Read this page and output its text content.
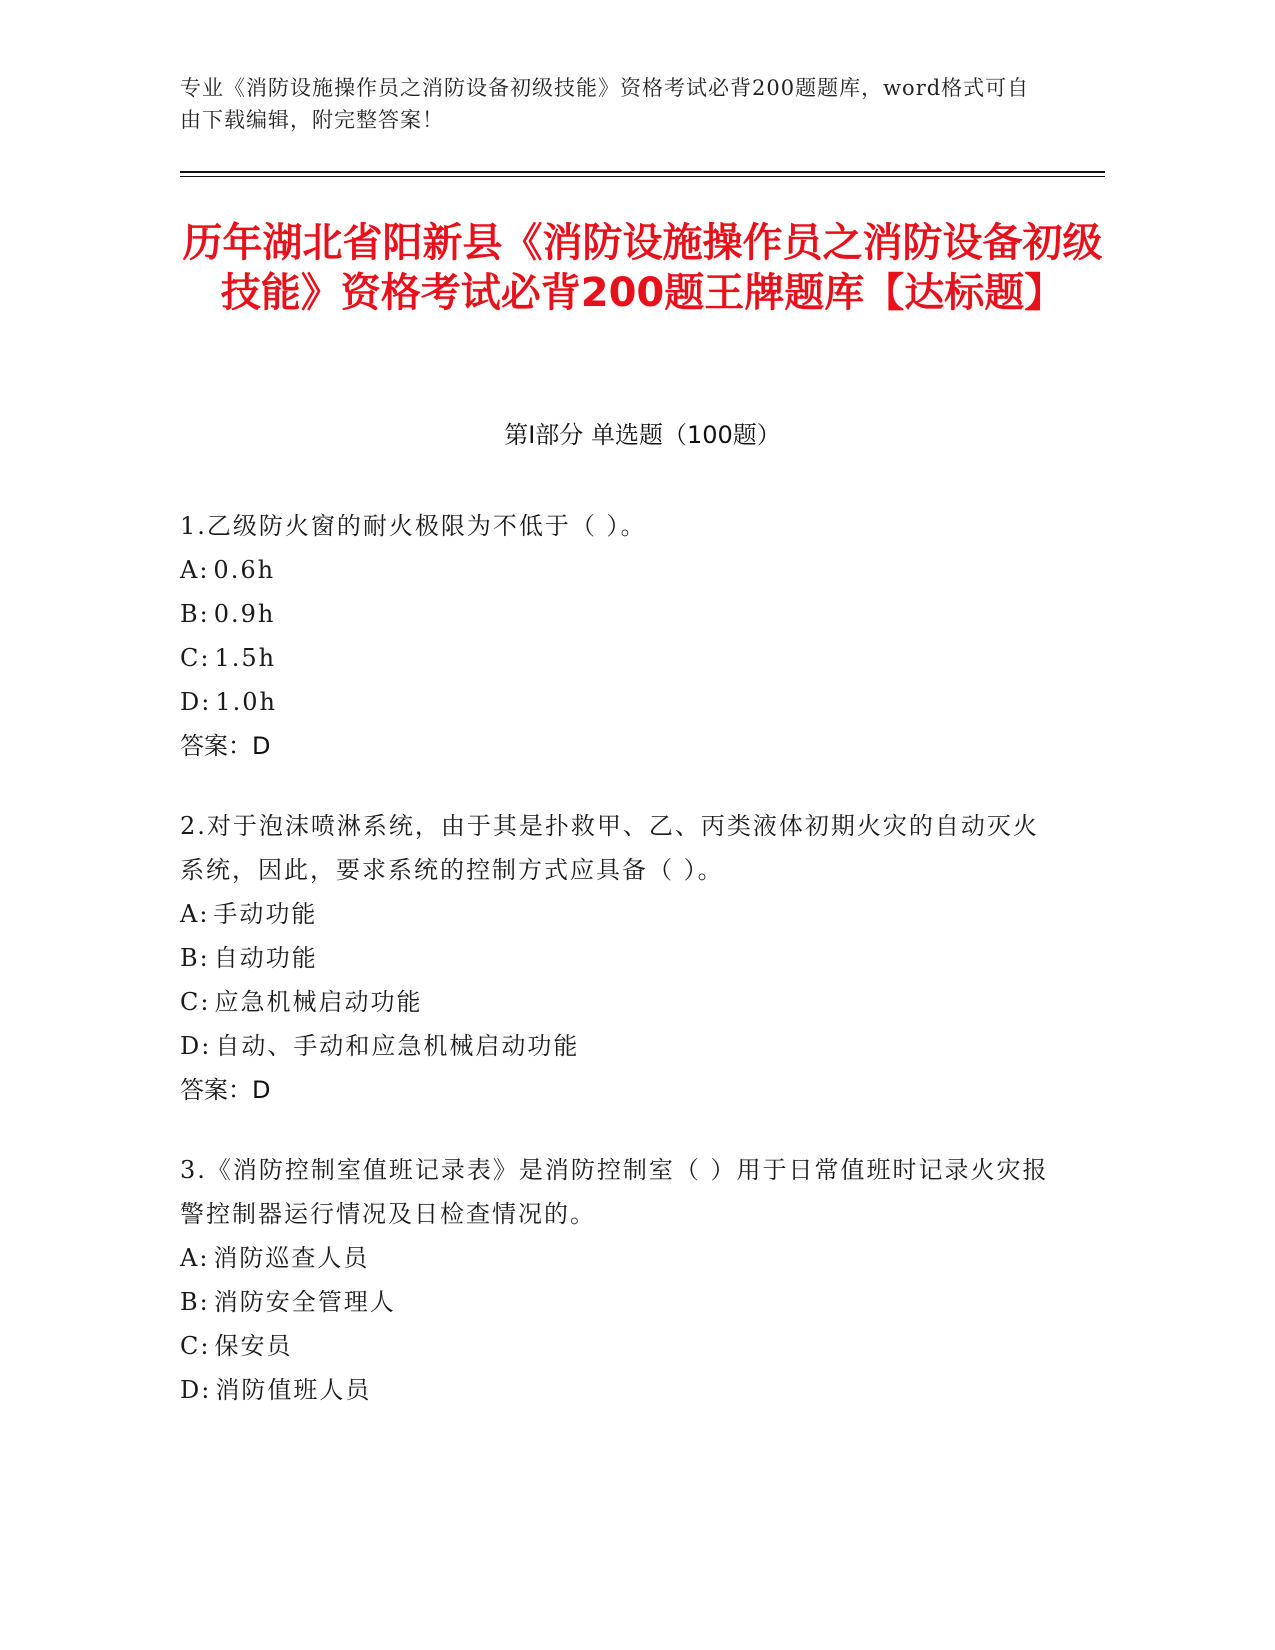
专业《消防设施操作员之消防设备初级技能》资格考试必背200题题库，word格式可自由下载编辑，附完整答案！
历年湖北省阳新县《消防设施操作员之消防设备初级技能》资格考试必背200题王牌题库【达标题】
第Ⅰ部分 单选题（100题）

1.乙级防火窗的耐火极限为不低于（ ）。

A: 0.6h

B: 0.9h

C: 1.5h

D: 1.0h

答案：D

2.对于泡沫喷淋系统，由于其是扑救甲、乙、丙类液体初期火灾的自动灭火系统，因此，要求系统的控制方式应具备（ ）。

A: 手动功能

B: 自动功能

C: 应急机械启动功能

D: 自动、手动和应急机械启动功能

答案：D

3.《消防控制室值班记录表》是消防控制室（ ）用于日常值班时记录火灾报警控制器运行情况及日检查情况的。

A: 消防巡查人员

B: 消防安全管理人

C: 保安员

D: 消防值班人员
